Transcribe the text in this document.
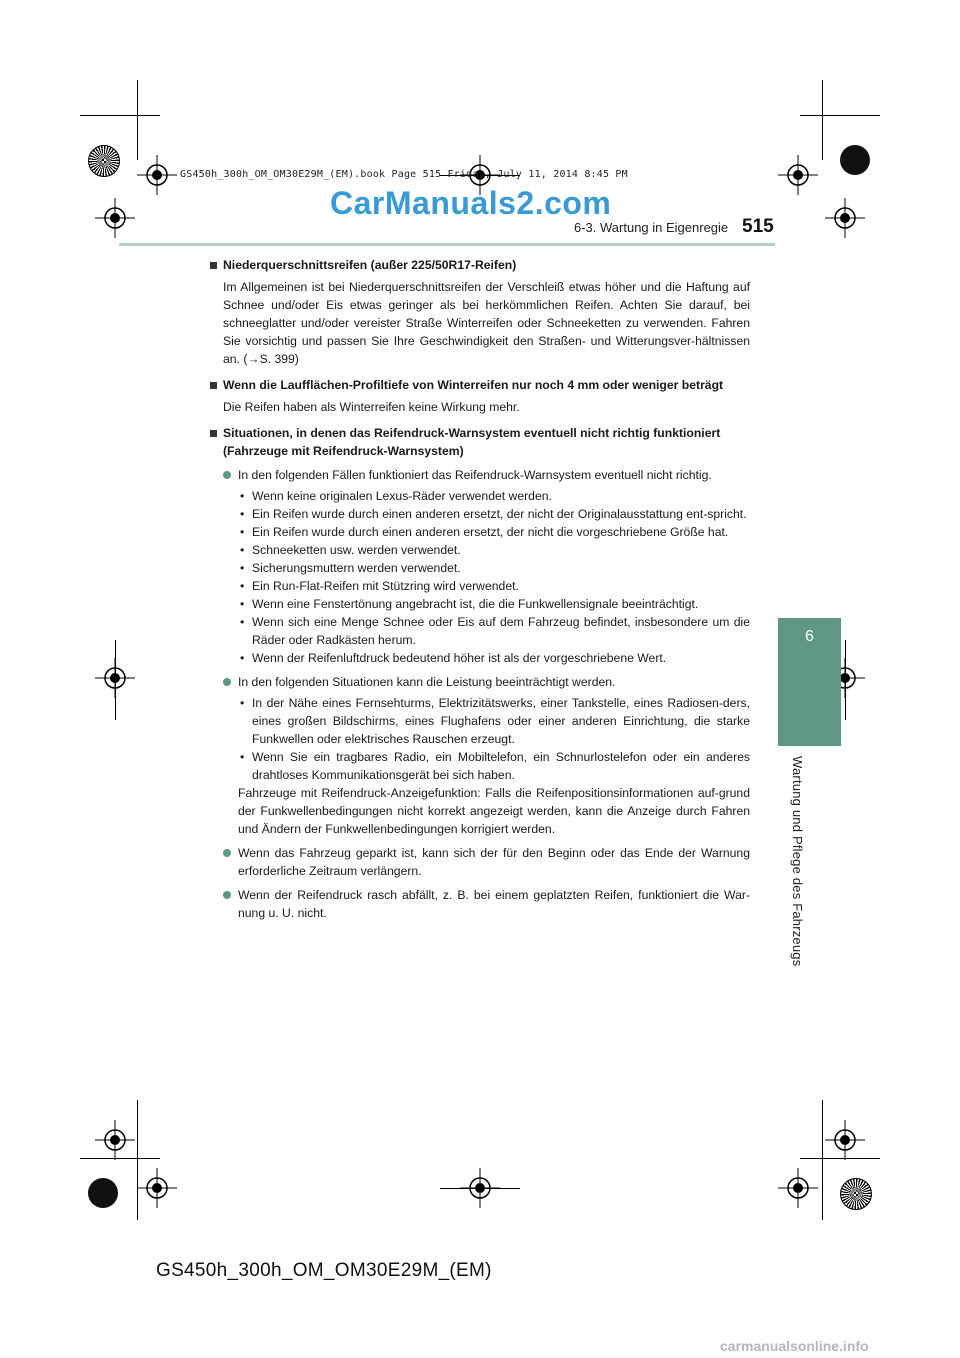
GS450h_300h_OM_OM30E29M_(EM).book Page 515 Friday, July 11, 2014 8:45 PM
CarManuals2.com
6-3. Wartung in Eigenregie 515
6
Wartung und Pflege des Fahrzeugs
Niederquerschnittsreifen (außer 225/50R17-Reifen)
Im Allgemeinen ist bei Niederquerschnittsreifen der Verschleiß etwas höher und die Haftung auf Schnee und/oder Eis etwas geringer als bei herkömmlichen Reifen. Achten Sie darauf, bei schneeglatter und/oder vereister Straße Winterreifen oder Schneeketten zu verwenden. Fahren Sie vorsichtig und passen Sie Ihre Geschwindigkeit den Straßen- und Witterungsver-hältnissen an. (→S. 399)
Wenn die Laufflächen-Profiltiefe von Winterreifen nur noch 4 mm oder weniger beträgt
Die Reifen haben als Winterreifen keine Wirkung mehr.
Situationen, in denen das Reifendruck-Warnsystem eventuell nicht richtig funktioniert (Fahrzeuge mit Reifendruck-Warnsystem)
In den folgenden Fällen funktioniert das Reifendruck-Warnsystem eventuell nicht richtig.
• Wenn keine originalen Lexus-Räder verwendet werden.
• Ein Reifen wurde durch einen anderen ersetzt, der nicht der Originalausstattung ent-spricht.
• Ein Reifen wurde durch einen anderen ersetzt, der nicht die vorgeschriebene Größe hat.
• Schneeketten usw. werden verwendet.
• Sicherungsmuttern werden verwendet.
• Ein Run-Flat-Reifen mit Stützring wird verwendet.
• Wenn eine Fenstertönung angebracht ist, die die Funkwellensignale beeinträchtigt.
• Wenn sich eine Menge Schnee oder Eis auf dem Fahrzeug befindet, insbesondere um die Räder oder Radkästen herum.
• Wenn der Reifenluftdruck bedeutend höher ist als der vorgeschriebene Wert.
In den folgenden Situationen kann die Leistung beeinträchtigt werden.
• In der Nähe eines Fernsehturms, Elektrizitätswerks, einer Tankstelle, eines Radiosen-ders, eines großen Bildschirms, eines Flughafens oder einer anderen Einrichtung, die starke Funkwellen oder elektrisches Rauschen erzeugt.
• Wenn Sie ein tragbares Radio, ein Mobiltelefon, ein Schnurlostelefon oder ein anderes drahtloses Kommunikationsgerät bei sich haben.
Fahrzeuge mit Reifendruck-Anzeigefunktion: Falls die Reifenpositionsinformationen auf-grund der Funkwellenbedingungen nicht korrekt angezeigt werden, kann die Anzeige durch Fahren und Ändern der Funkwellenbedingungen korrigiert werden.
Wenn das Fahrzeug geparkt ist, kann sich der für den Beginn oder das Ende der Warnung erforderliche Zeitraum verlängern.
Wenn der Reifendruck rasch abfällt, z. B. bei einem geplatzten Reifen, funktioniert die War-nung u. U. nicht.
GS450h_300h_OM_OM30E29M_(EM)
carmanualsonline.info
